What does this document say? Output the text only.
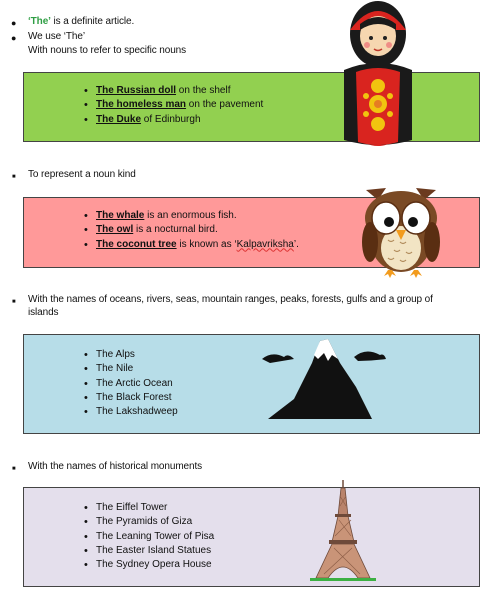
● ‘The’ is a definite article.
● We use ‘The’
With nouns to refer to specific nouns
• The Russian doll on the shelf
• The homeless man on the pavement
• The Duke of Edinburgh
■ To represent a noun kind
• The whale is an enormous fish.
• The owl is a nocturnal bird.
• The coconut tree is known as ‘Kalpavriksha’.
■ With the names of oceans, rivers, seas, mountain ranges, peaks, forests, gulfs and a group of
islands
• The Alps
• The Nile
• The Arctic Ocean
• The Black Forest
• The Lakshadweep
■ With the names of historical monuments
• The Eiffel Tower
• The Pyramids of Giza
• The Leaning Tower of Pisa
• The Easter Island Statues
• The Sydney Opera House
